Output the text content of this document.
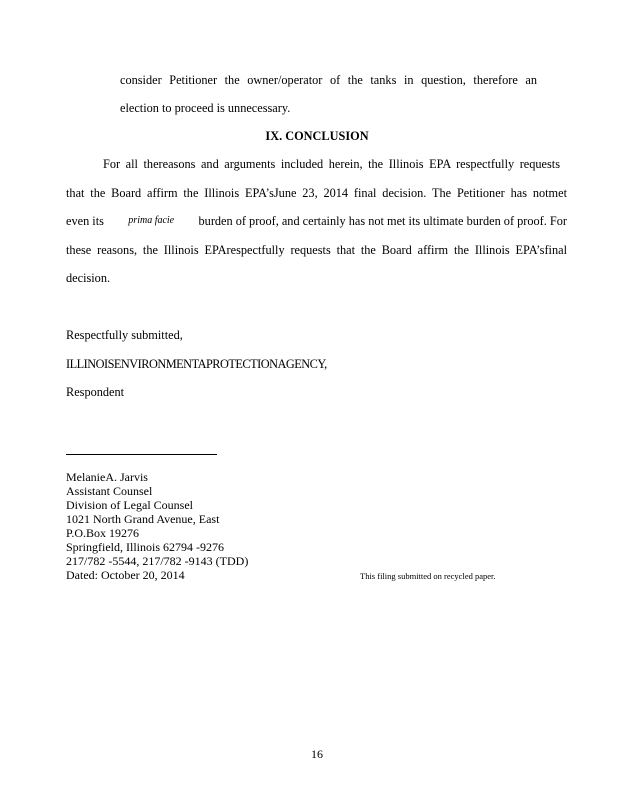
consider Petitioner the owner/operator of the tanks in question, therefore an
election to proceed is unnecessary.
IX. CONCLUSION
For all thereasons and arguments included herein, the Illinois EPA respectfully requests
that the Board affirm the Illinois EPA’sJune 23, 2014 final decision. The Petitioner has notmet
even its prima facie burden of proof, and certainly has not met its ultimate burden of proof. For
these reasons, the Illinois EPArespectfully requests that the Board affirm the Illinois EPA’sfinal
decision.
Respectfully submitted,
ILLINOISENVIRONMENTAPROTECTIONAGENCY,
Respondent
MelanieA. Jarvis
Assistant Counsel
Division of Legal Counsel
1021 North Grand Avenue, East
P.O.Box 19276
Springfield, Illinois 62794 -9276
217/782 -5544, 217/782 -9143 (TDD)
Dated: October 20, 2014	This filing submitted on recycled paper.
16
